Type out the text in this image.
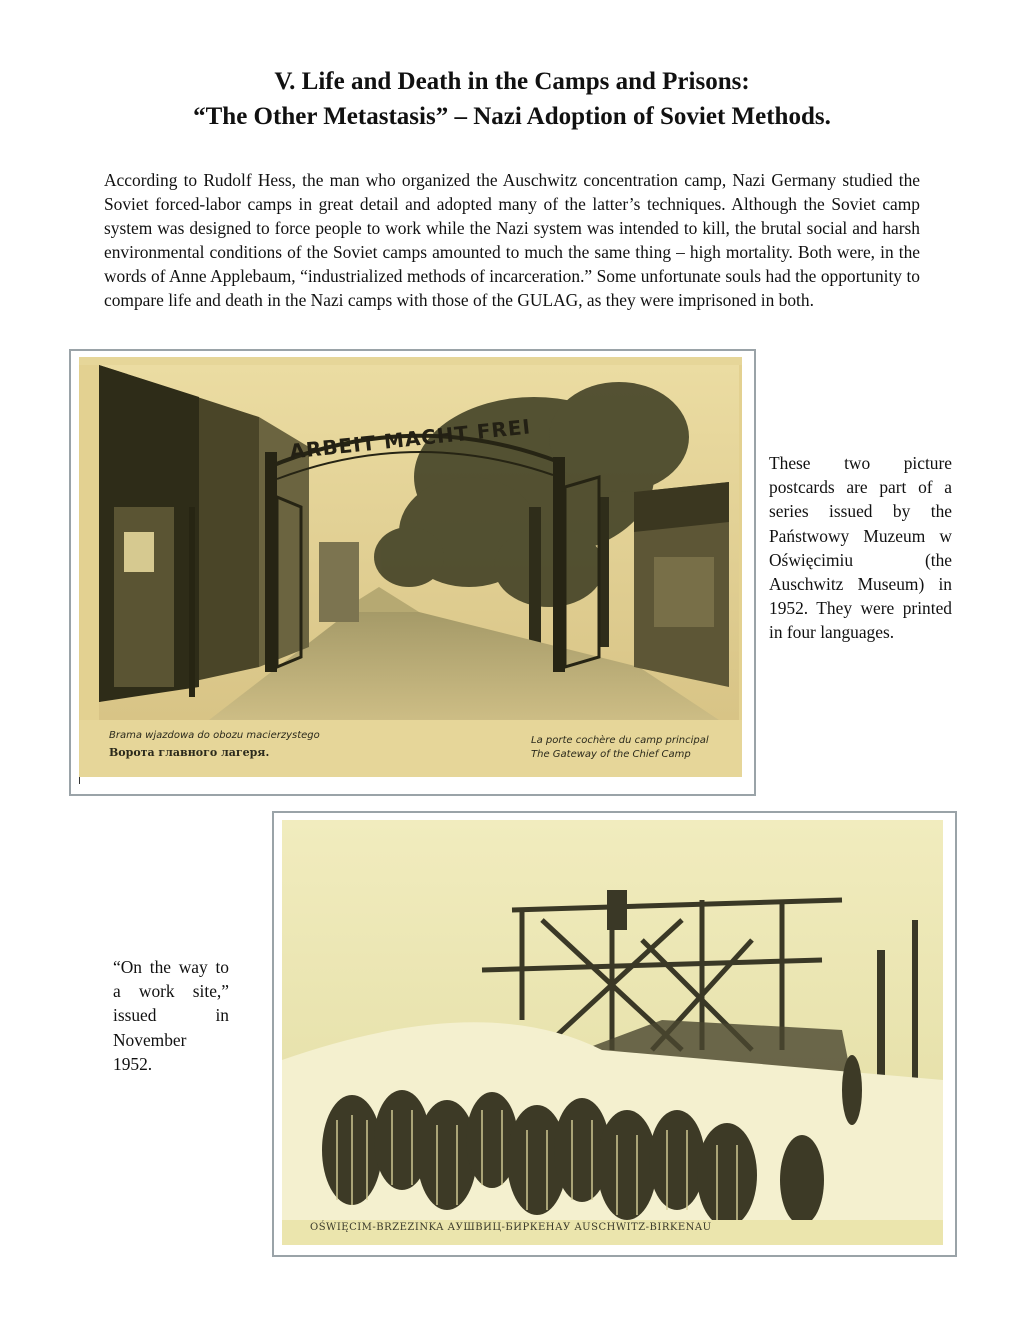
V. Life and Death in the Camps and Prisons:
“The Other Metastasis” – Nazi Adoption of Soviet Methods.
According to Rudolf Hess, the man who organized the Auschwitz concentration camp, Nazi Germany studied the Soviet forced-labor camps in great detail and adopted many of the latter’s techniques. Although the Soviet camp system was designed to force people to work while the Nazi system was intended to kill, the brutal social and harsh environmental conditions of the Soviet camps amounted to much the same thing – high mortality. Both were, in the words of Anne Applebaum, “industrialized methods of incarceration.” Some unfortunate souls had the opportunity to compare life and death in the Nazi camps with those of the GULAG, as they were imprisoned in both.
ARBEIT MACHT FREI
Brama wjazdowa do obozu macierzystego
Ворота главного лагеря.
La porte cochère du camp principal
The Gateway of the Chief Camp
These two picture postcards are part of a series issued by the Państwowy Muzeum w Oświęcimiu (the Auschwitz Museum) in 1952. They were printed in four languages.
OŚWIĘCIM-BRZEZINKA АУШВИЦ-БИРКЕНАУ AUSCHWITZ-BIRKENAU
“On the way to a work site,” issued in November 1952.
